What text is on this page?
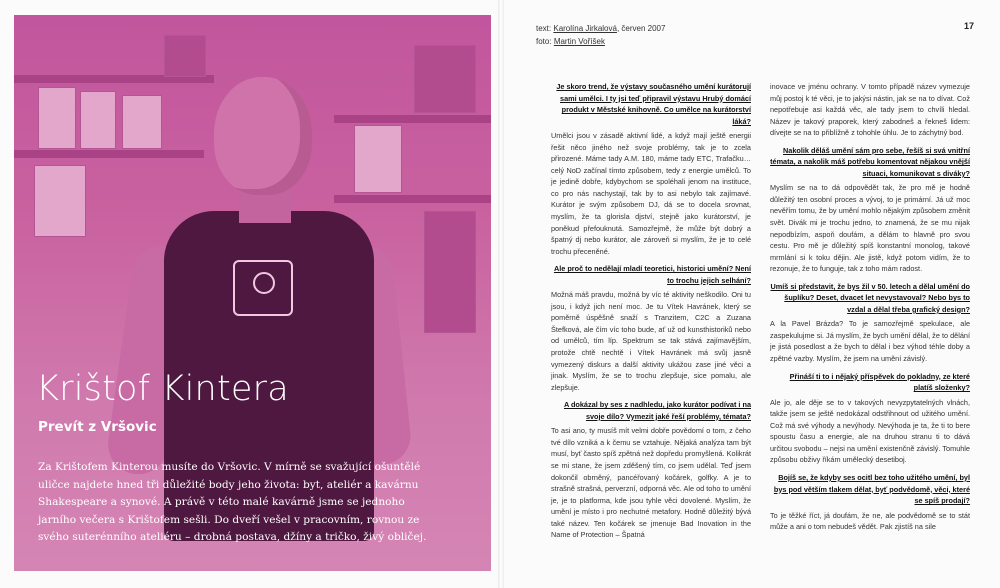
Krištof Kintera
Prevít z Vršovic

Za Krištofem Kinterou musíte do Vršovic. V mírně se svažující ošuntělé uličce najdete hned tři důležité body jeho života: byt, ateliér a kavárnu Shakespeare a synové. A právě v této malé kavárně jsme se jednoho jarního večera s Krištofem sešli. Do dveří vešel v pracovním, rovnou ze svého suterénního ateliéru – drobná postava, džíny a tričko, živý obličej.

text: Karolína Jirkalová, červen 2007
foto: Martin Voříšek
17

Je skoro trend, že výstavy současného umění kurátorují sami umělci. I ty jsi teď připravil výstavu Hrubý domácí produkt v Městské knihovně. Co umělce na kurátorství láká?

Umělci jsou v zásadě aktivní lidé, a když mají ještě energii řešit něco jiného než svoje problémy, tak je to zcela přirozené. Máme tady A.M. 180, máme tady ETC, Trafačku… celý NoD začínal tímto způsobem, tedy z energie umělců. To je jedině dobře, kdybychom se spoléhali jenom na instituce, co pro nás nachystají, tak by to asi nebylo tak zajímavé. Kurátor je svým způsobem DJ, dá se to docela srovnat, myslím, že ta glorisla djství, stejně jako kurátorství, je poněkud přefouknutá. Samozřejmě, že může být dobrý a špatný dj nebo kurátor, ale zároveň si myslím, že je to celé trochu přeceněné.

Ale proč to nedělají mladí teoretici, historici umění? Není to trochu jejich selhání?

Možná máš pravdu, možná by víc té aktivity neškodilo. Oni tu jsou, i když jich není moc. Je tu Vítek Havránek, který se poměrně úspěšně snaží s Tranzitem, C2C a Zuzana Štefková, ale čím víc toho bude, ať už od kunsthistoriků nebo od umělců, tím líp. Spektrum se tak stává zajímavějším, protože chtě nechtě i Vítek Havránek má svůj jasně vymezený diskurs a další aktivity ukážou zase jiné věci a jinak. Myslím, že se to trochu zlepšuje, sice pomalu, ale zlepšuje.

A dokázal by ses z nadhledu, jako kurátor podívat i na svoje dílo? Vymezit jaké řeší problémy, témata?

To asi ano, ty musíš mít velmi dobře povědomí o tom, z čeho tvé dílo vzniká a k čemu se vztahuje. Nějaká analýza tam být musí, byť často spíš zpětná než dopředu promyšlená. Kolikrát se mi stane, že jsem zděšený tím, co jsem udělal. Teď jsem dokončil obrněný, pancéřovaný kočárek, golfky. A je to strašně strašná, perverzní, odporná věc. Ale od toho to umění je, je to platforma, kde jsou tyhle věci dovolené. Myslím, že umění je místo i pro nechutné metafory. Hodně důležitý bývá také název. Ten kočárek se jmenuje Bad Inovation in the Name of Protection – Špatná

inovace ve jménu ochrany. V tomto případě název vymezuje můj postoj k té věci, je to jakýsi nástin, jak se na to dívat. Což nepotřebuje asi každá věc, ale tady jsem to chvíli hledal. Název je takový praporek, který zabodneš a řekneš lidem: dívejte se na to přiblížně z tohohle úhlu. Je to záchytný bod.

Nakolik děláš umění sám pro sebe, řešíš si svá vnitřní témata, a nakolik máš potřebu komentovat nějakou vnější situaci, komunikovat s diváky?

Myslím se na to dá odpovědět tak, že pro mě je hodně důležitý ten osobní proces a vývoj, to je primární. Já už moc nevěřím tomu, že by umění mohlo nějakým způsobem změnit svět. Divák mi je trochu jedno, to znamená, že se mu nijak nepodbízím, aspoň doufám, a dělám to hlavně pro svou cestu. Pro mě je důležitý spíš konstantní monolog, takové mrmlání si k toku dějin. Ale jistě, když potom vidím, že to rezonuje, že to funguje, tak z toho mám radost.

Umíš si představit, že bys žil v 50. letech a dělal umění do šuplíku? Deset, dvacet let nevystavoval? Nebo bys to vzdal a dělal třeba grafický design?

A la Pavel Brázda? To je samozřejmě spekulace, ale zaspekulujme si. Já myslím, že bych umění dělal, že to dělání je jistá posedlost a že bych to dělal i bez výhod téhle doby a zpětné vazby. Myslím, že jsem na umění závislý.

Přináší ti to i nějaký příspěvek do pokladny, ze které platíš složenky?

Ale jo, ale děje se to v takových nevyzpytatelných vlnách, takže jsem se ještě nedokázal odstřihnout od užitého umění. Což má své výhody a nevýhody. Nevýhoda je ta, že ti to bere spoustu času a energie, ale na druhou stranu ti to dává určitou svobodu – nejsi na umění existenčně závislý. Tomuhle způsobu obživy říkám umělecký desetiboj.

Bojíš se, že kdyby ses ocitl bez toho užitého umění, byl bys pod větším tlakem dělat, byť podvědomě, věci, které se spíš prodají?

To je těžké říct, já doufám, že ne, ale podvědomě se to stát může a ani o tom nebudeš vědět. Pak zjistíš na sile
